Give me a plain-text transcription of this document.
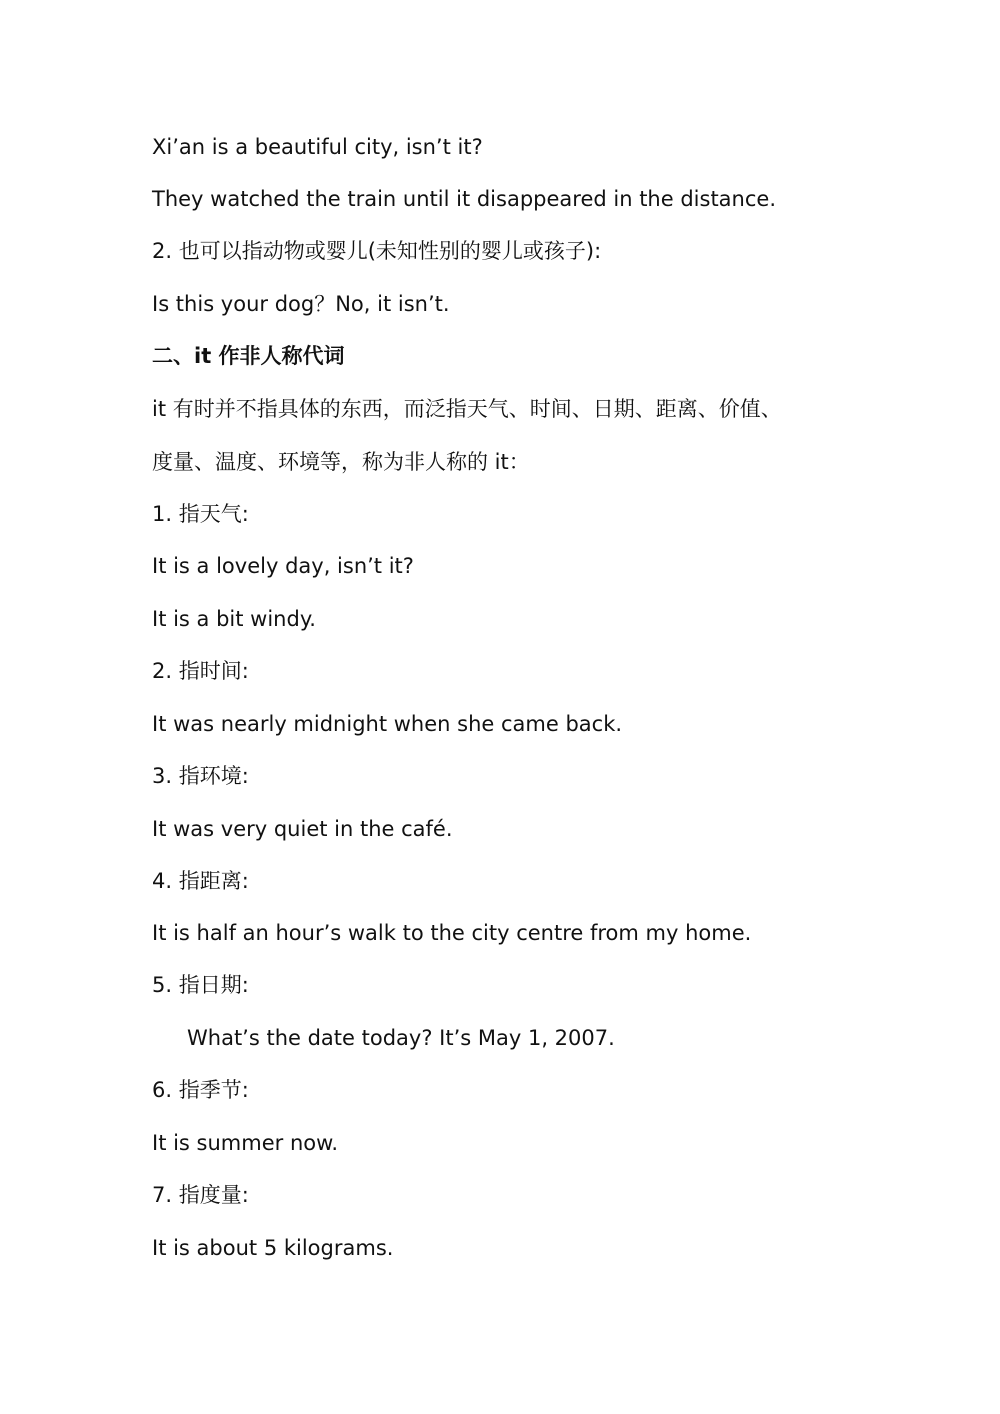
Xi’an is a beautiful city, isn’t it?
They watched the train until it disappeared in the distance.
2. 也可以指动物或婴儿(未知性别的婴儿或孩子):
Is this your dog？No, it isn’t.
二、it 作非人称代词
it 有时并不指具体的东西，而泛指天气、时间、日期、距离、价值、
度量、温度、环境等，称为非人称的 it：
1. 指天气:
It is a lovely day, isn’t it?
It is a bit windy.
2. 指时间:
It was nearly midnight when she came back.
3. 指环境:
It was very quiet in the café.
4. 指距离:
It is half an hour’s walk to the city centre from my home.
5. 指日期:
What’s the date today? It’s May 1, 2007.
6. 指季节:
It is summer now.
7. 指度量:
It is about 5 kilograms.
